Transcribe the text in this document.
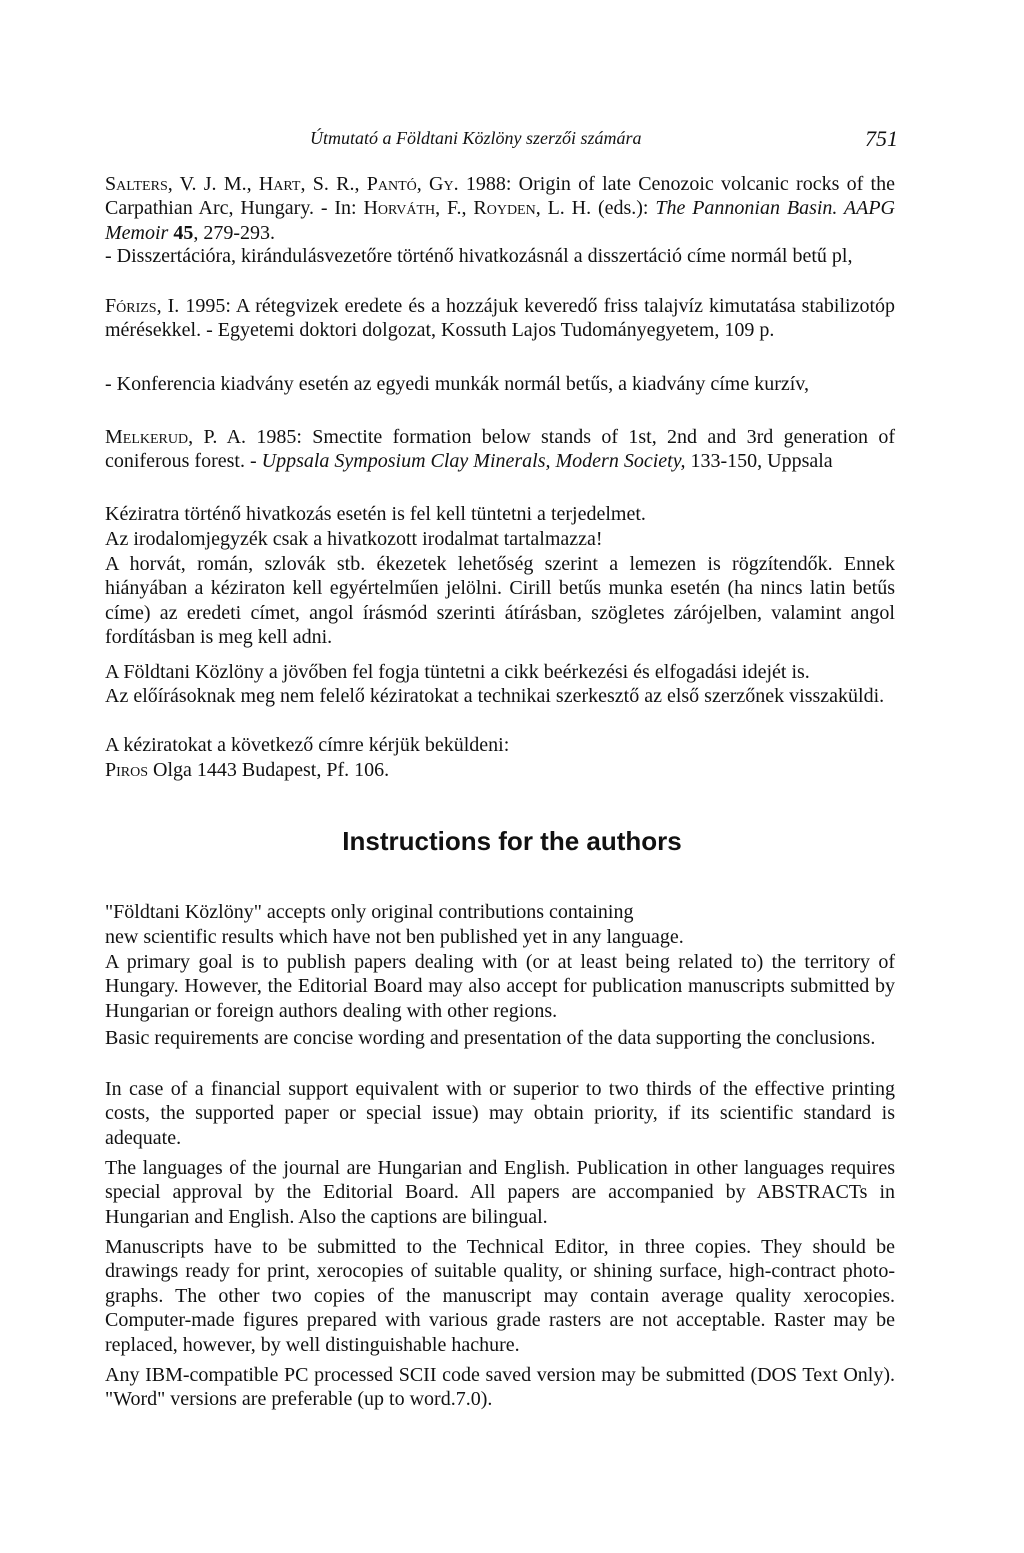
Útmutató a Földtani Közlöny szerzői számára	751

Salters, V. J. M., Hart, S. R., Pantó, Gy. 1988: Origin of late Cenozoic volcanic rocks of the Carpathian Arc, Hungary. - In: Horváth, F., Royden, L. H. (eds.): The Pannonian Basin. AAPG Memoir 45, 279-293.

- Disszertációra, kirándulásvezetőre történő hivatkozásnál a disszertáció címe normál betű pl,

Fórizs, I. 1995: A rétegvizek eredete és a hozzájuk keveredő friss talajvíz kimutatása stabilizotóp mérésekkel. - Egyetemi doktori dolgozat, Kossuth Lajos Tudományegyetem, 109 p.

- Konferencia kiadvány esetén az egyedi munkák normál betűs, a kiadvány címe kurzív,

Melkerud, P. A. 1985: Smectite formation below stands of 1st, 2nd and 3rd generation of coniferous forest. - Uppsala Symposium Clay Minerals, Modern Society, 133-150, Uppsala

Kéziratra történő hivatkozás esetén is fel kell tüntetni a terjedelmet.

Az irodalomjegyzék csak a hivatkozott irodalmat tartalmazza!

A horvát, román, szlovák stb. ékezetek lehetőség szerint a lemezen is rögzítendők. Ennek hiányában a kéziraton kell egyértelműen jelölni. Cirill betűs munka esetén (ha nincs latin betűs címe) az eredeti címet, angol írásmód szerinti átírásban, szögletes zárójelben, valamint angol fordításban is meg kell adni.

A Földtani Közlöny a jövőben fel fogja tüntetni a cikk beérkezési és elfogadási idejét is.

Az előírásoknak meg nem felelő kéziratokat a technikai szerkesztő az első szerzőnek visszaküldi.

A kéziratokat a következő címre kérjük beküldeni:

Piros Olga 1443 Budapest, Pf. 106.

Instructions for the authors

"Földtani Közlöny" accepts only original contributions containing

new scientific results which have not ben published yet in any language.

A primary goal is to publish papers dealing with (or at least being related to) the territory of Hungary. However, the Editorial Board may also accept for publication manuscripts submitted by Hungarian or foreign authors dealing with other regions.

Basic requirements are concise wording and presentation of the data supporting the conclusions.

In case of a financial support equivalent with or superior to two thirds of the effective printing costs, the supported paper or special issue) may obtain priority, if its scientific standard is adequate.

The languages of the journal are Hungarian and English. Publication in other languages requires special approval by the Editorial Board. All papers are accompanied by ABSTRACTs in Hungarian and English. Also the captions are bilingual.

Manuscripts have to be submitted to the Technical Editor, in three copies. They should be drawings ready for print, xerocopies of suitable quality, or shining surface, high-contract photo- graphs. The other two copies of the manuscript may contain average quality xerocopies. Computer-made figures prepared with various grade rasters are not acceptable. Raster may be replaced, however, by well distinguishable hachure.

Any IBM-compatible PC processed SCII code saved version may be submitted (DOS Text Only). "Word" versions are preferable (up to word.7.0).
